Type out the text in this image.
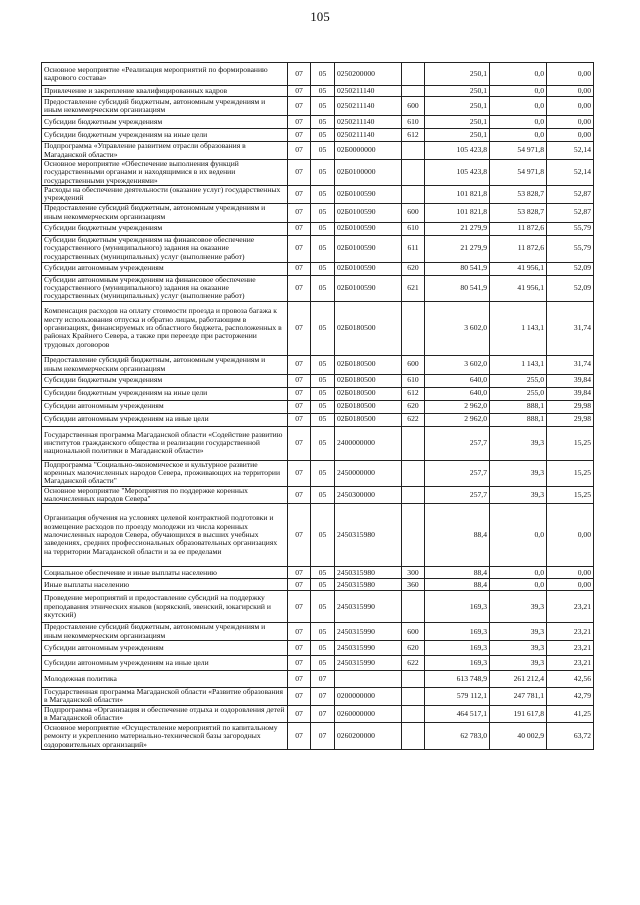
105
Основное мероприятие «Реализация мероприятий по формированию кадрового состава»	07	05	0250200000		250,1	0,0	0,00
Привлечение и закрепление квалифицированных кадров	07	05	0250211140		250,1	0,0	0,00
Предоставление субсидий бюджетным, автономным учреждениям и иным некоммерческим организациям	07	05	0250211140	600	250,1	0,0	0,00
Субсидии бюджетным учреждениям	07	05	0250211140	610	250,1	0,0	0,00
Субсидии бюджетным учреждениям на иные цели	07	05	0250211140	612	250,1	0,0	0,00
Подпрограмма «Управление развитием отрасли образования в Магаданской области»	07	05	02Б0000000		105 423,8	54 971,8	52,14
Основное мероприятие «Обеспечение выполнения функций государственными органами и находящимися в их ведении государственными учреждениями»	07	05	02Б0100000		105 423,8	54 971,8	52,14
Расходы на обеспечение деятельности (оказание услуг) государственных учреждений	07	05	02Б0100590		101 821,8	53 828,7	52,87
Предоставление субсидий бюджетным, автономным учреждениям и иным некоммерческим организациям	07	05	02Б0100590	600	101 821,8	53 828,7	52,87
Субсидии бюджетным учреждениям	07	05	02Б0100590	610	21 279,9	11 872,6	55,79
Субсидии бюджетным учреждениям на финансовое обеспечение государственного (муниципального) задания на оказание государственных (муниципальных) услуг (выполнение работ)	07	05	02Б0100590	611	21 279,9	11 872,6	55,79
Субсидии автономным учреждениям	07	05	02Б0100590	620	80 541,9	41 956,1	52,09
Субсидии автономным учреждениям на финансовое обеспечение государственного (муниципального) задания на оказание государственных (муниципальных) услуг (выполнение работ)	07	05	02Б0100590	621	80 541,9	41 956,1	52,09
Компенсация расходов на оплату стоимости проезда и провоза багажа к месту использования отпуска и обратно лицам, работающим в организациях, финансируемых из областного бюджета, расположенных в районах Крайнего Севера, а также при переезде при расторжении трудовых договоров	07	05	02Б0180500		3 602,0	1 143,1	31,74
Предоставление субсидий бюджетным, автономным учреждениям и иным некоммерческим организациям	07	05	02Б0180500	600	3 602,0	1 143,1	31,74
Субсидии бюджетным учреждениям	07	05	02Б0180500	610	640,0	255,0	39,84
Субсидии бюджетным учреждениям на иные цели	07	05	02Б0180500	612	640,0	255,0	39,84
Субсидии автономным учреждениям	07	05	02Б0180500	620	2 962,0	888,1	29,98
Субсидии автономным учреждениям на иные цели	07	05	02Б0180500	622	2 962,0	888,1	29,98
Государственная программа Магаданской области «Содействие развитию институтов гражданского общества и реализации государственной национальной политики в Магаданской области»	07	05	2400000000		257,7	39,3	15,25
Подпрограмма "Социально-экономическое и культурное развитие коренных малочисленных народов Севера, проживающих на территории Магаданской области"	07	05	2450000000		257,7	39,3	15,25
Основное мероприятие "Мероприятия по поддержке коренных малочисленных народов Севера"	07	05	2450300000		257,7	39,3	15,25
Организация обучения на условиях целевой контрактной подготовки и возмещение расходов по проезду молодежи из числа коренных малочисленных народов Севера, обучающихся в высших учебных заведениях, средних профессиональных образовательных организациях на территории Магаданской области и за ее пределами	07	05	2450315980		88,4	0,0	0,00
Социальное обеспечение и иные выплаты населению	07	05	2450315980	300	88,4	0,0	0,00
Иные выплаты населению	07	05	2450315980	360	88,4	0,0	0,00
Проведение мероприятий и предоставление субсидий на поддержку преподавания этнических языков (корякский, эвенский, юкагирский и якутский)	07	05	2450315990		169,3	39,3	23,21
Предоставление субсидий бюджетным, автономным учреждениям и иным некоммерческим организациям	07	05	2450315990	600	169,3	39,3	23,21
Субсидии автономным учреждениям	07	05	2450315990	620	169,3	39,3	23,21
Субсидии автономным учреждениям на иные цели	07	05	2450315990	622	169,3	39,3	23,21
Молодежная политика	07	07			613 748,9	261 212,4	42,56
Государственная программа Магаданской области «Развитие образования в Магаданской области»	07	07	0200000000		579 112,1	247 781,1	42,79
Подпрограмма «Организация и обеспечение отдыха и оздоровления детей в Магаданской области»	07	07	0260000000		464 517,1	191 617,8	41,25
Основное мероприятие «Осуществление мероприятий по капитальному ремонту и укреплению материально-технической базы загородных оздоровительных организаций»	07	07	0260200000		62 783,0	40 002,9	63,72
